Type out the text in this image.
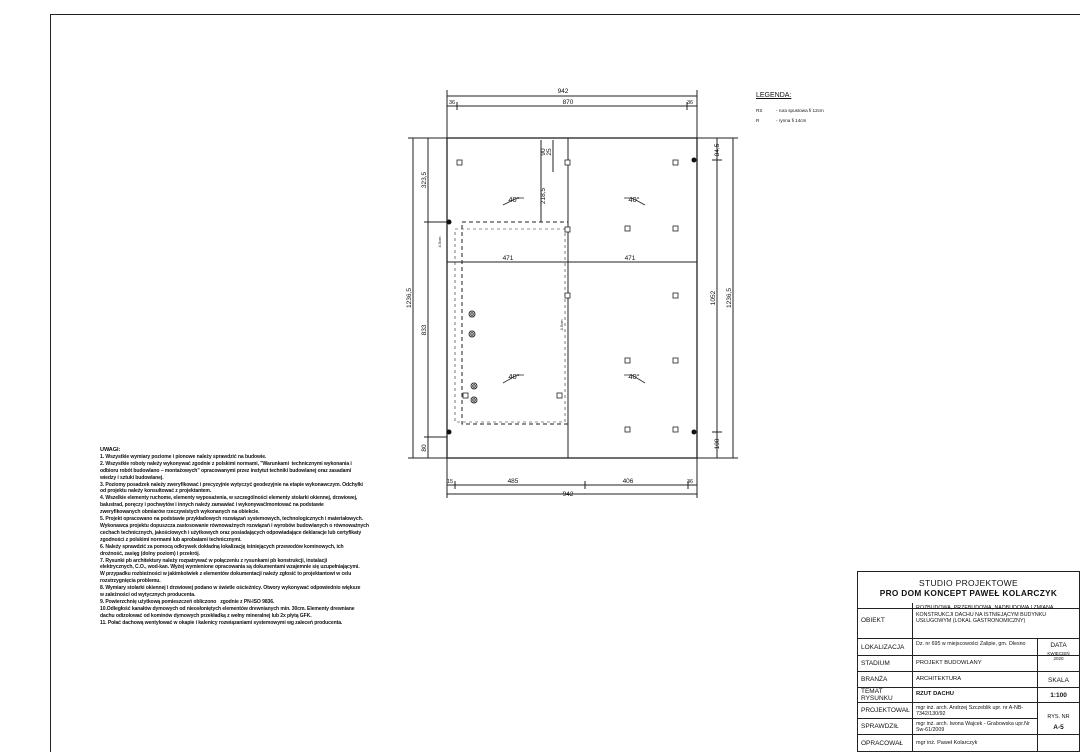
942
870
36	36
15	485	406	36
942
471	471
40°	40°
40°	40°
1236,5
323,5
833
80
90 25
218,5
1052 1236,5
84,5
100
4.5cm
4.5cm
LEGENDA:
RS	- rura spustowa fi 12cm
R	- rynna fi 14cm
UWAGI:
1. Wszystkie wymiary poziome i pionowe należy sprawdzić na budowie.
2. Wszystkie roboty należy wykonywać zgodnie z polskimi normami, "Warunkami  technicznymi wykonania i
odbioru robót budowlano – montażowych" opracowanymi przez instytut techniki budowlanej oraz zasadami
wiedzy i sztuki budowlanej.
3. Poziomy posadzek należy zweryfikować i precyzyjnie wytyczyć geodezyjnie na etapie wykonawczym. Odchyłki
od projektu należy konsultować z projektantem.
4. Wszelkie elementy ruchome, elementy wyposażenia, w szczególności elementy stolarki okiennej, drzwiowej,
balustrad, poręczy i pochwytów i innych należy zamawiać i wykonywać/montować na podstawie
zweryfikowanych obmiarów rzeczywistych wykonanych na obiekcie.
5. Projekt opracowano na podstawie przykładowych rozwiązań systemowych, technologicznych i materiałowych.
Wykonawca projektu dopuszcza zastosowanie równoważnych rozwiązań i wyrobów budowlanych o równoważnych
cechach technicznych, jakościowych i użytkowych oraz posiadających odpowiadające deklaracje lub certyfikaty
zgodności z polskimi normami lub aprobatami technicznymi.
6. Należy sprawdzić za pomocą odkrywek dokładną lokalizację istniejących przewodów kominowych, ich
drożność, zasięg (dolny poziom) i przekrój.
7. Rysunki pb architektury należy rozpatrywać w połączeniu z rysunkami pb konstrukcji, instalacji
elektrycznych, C.O., wod-kan. Wyżej wymienione opracowania są dokumentami wzajemnie się uzupełniającymi.
W przypadku rozbieżności w jakimkolwiek z elementów dokumentacji należy zgłosić to projektantowi w celu
rozstrzygnięcia problemu.
8. Wymiary stolarki okiennej i drzwiowej podano w świetle ościeżnicy. Otwory wykonywać odpowiednio większe
w zależności od wytycznych producenta.
9. Powierzchnię użytkową pomieszczeń obliczono   zgodnie z PN-ISO 9836.
10.Odległość kanałów dymowych od nieosłoniętych elementów drewnianych min. 30cm. Elementy drewniane
dachu odizolować od kominów dymowych przekładką z wełny mineralnej lub 2x płytą GFK.
11. Połać dachową wentylować w okapie i kalenicy rozwiązaniami systemowymi wg zaleceń producenta.
STUDIO PROJEKTOWE
PRO DOM KONCEPT PAWEŁ KOLARCZYK
OBIEKT
ROZBUDOWA, PRZEBUDOWA, NADBUDOWA I ZMIANA KONSTRUKCJI DACHU NA ISTNIEJĄCYM BUDYNKU USŁUGOWYM (LOKAL GASTRONOMICZNY)
LOKALIZACJA	Dz. nr 695 w miejscowości Zalipie, gm. Olesno
STADIUM	PROJEKT BUDOWLANY
BRANŻA	ARCHITEKTURA
TEMAT RYSUNKU
RZUT DACHU
PROJEKTOWAŁ	mgr inż. arch. Andrzej Szczeblik upr. nr A-NB-7342/130/92
SPRAWDZIŁ	mgr inż. arch. Iwona Wajcek - Grabowska upr.Nr Sw-61/2009
OPRACOWAŁ	mgr inż. Paweł Kolarczyk
DATA
KWIECIEŃ 2020
SKALA
1:100
RYS. NR
A-5
